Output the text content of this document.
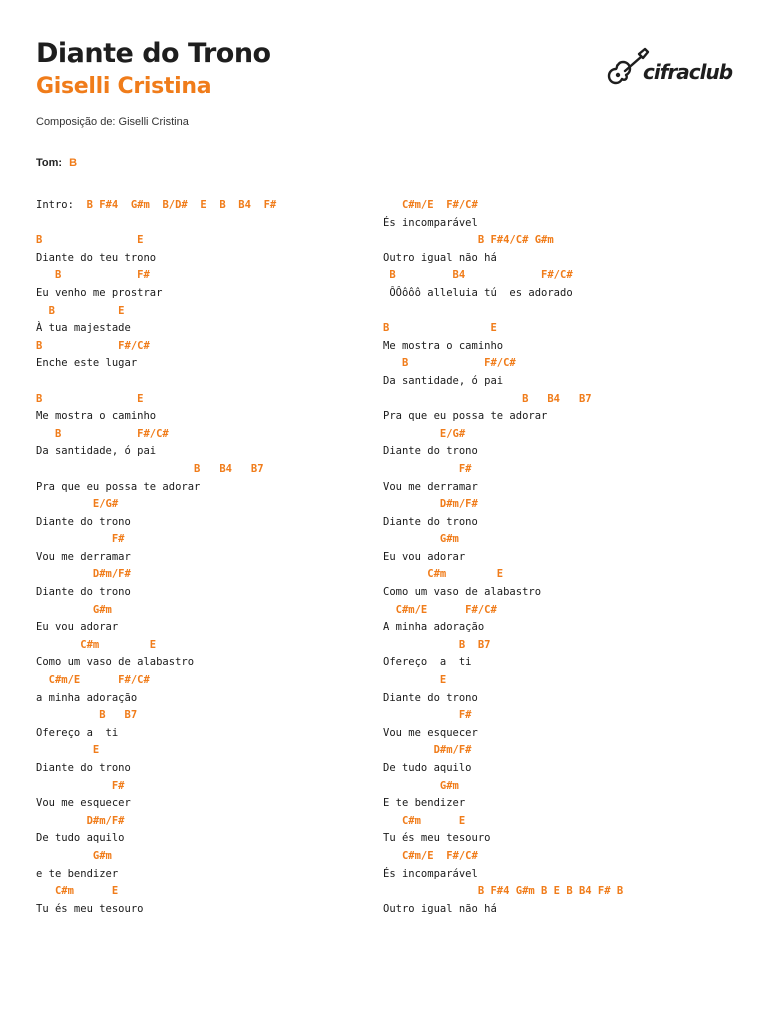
Diante do Trono
Giselli Cristina
cifraclub
Composição de: Giselli Cristina
Tom: B
Intro:  B F#4  G#m  B/D#  E  B  B4  F#
B               E
Diante do teu trono
B            F#
Eu venho me prostrar
B          E
À tua majestade
B            F#/C#
Enche este lugar
B               E
Me mostra o caminho
B            F#/C#
Da santidade, ó pai
B   B4   B7
Pra que eu possa te adorar
E/G#
Diante do trono
F#
Vou me derramar
D#m/F#
Diante do trono
G#m
Eu vou adorar
C#m        E
Como um vaso de alabastro
C#m/E      F#/C#
a minha adoração
B   B7
Ofereço a  ti
E
Diante do trono
F#
Vou me esquecer
D#m/F#
De tudo aquilo
G#m
e te bendizer
C#m      E
Tu és meu tesouro
C#m/E  F#/C#
És incomparável
B F#4/C# G#m
Outro igual não há
B         B4            F#/C#
ÔÔôôô alleluia tú  es adorado
B                E
Me mostra o caminho
B            F#/C#
Da santidade, ó pai
B   B4   B7
Pra que eu possa te adorar
E/G#
Diante do trono
F#
Vou me derramar
D#m/F#
Diante do trono
G#m
Eu vou adorar
C#m        E
Como um vaso de alabastro
C#m/E      F#/C#
A minha adoração
B  B7
Ofereço  a  ti
E
Diante do trono
F#
Vou me esquecer
D#m/F#
De tudo aquilo
G#m
E te bendizer
C#m      E
Tu és meu tesouro
C#m/E  F#/C#
És incomparável
B F#4 G#m B E B B4 F# B
Outro igual não há
